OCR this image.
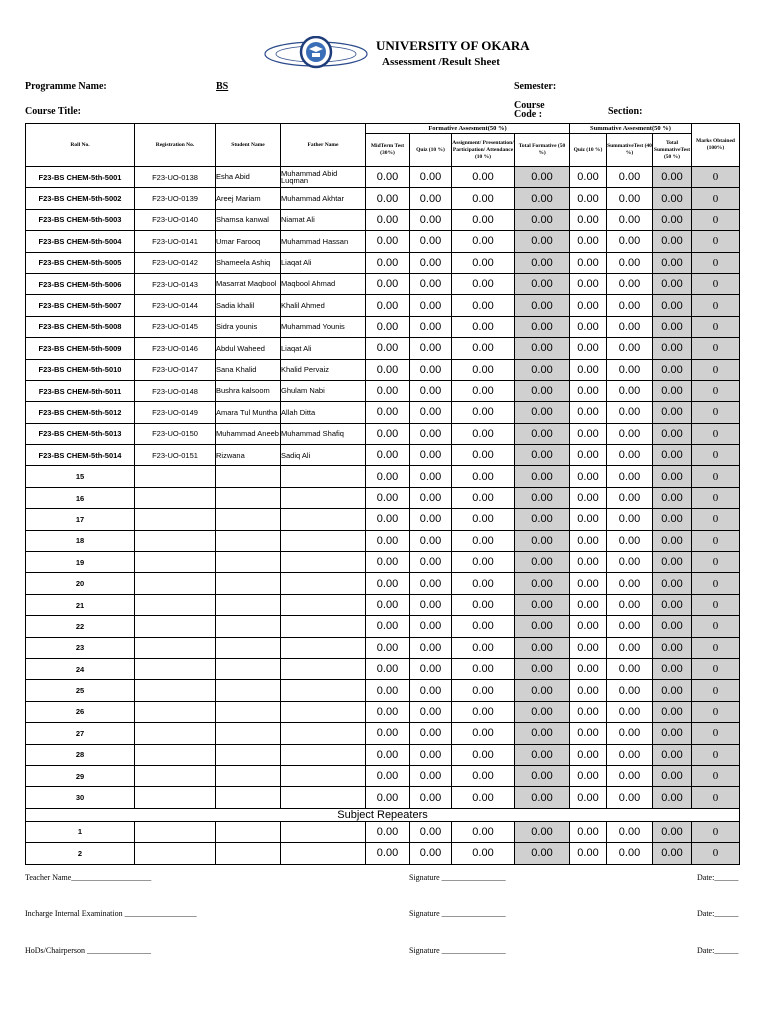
UNIVERSITY OF OKARA
Assessment /Result Sheet
Programme Name:	BS	Semester:
Course Title:
Course Code :	Section:
Roll No.	Registration No.	Student Name	Father Name	Formative Assesment(50 %)				Summative Assesment(50 %)			Marks Obtained (100%)
				MidTerm Test (30%)	Quiz (10 %)	Assignment/ Presentation/ Participation/ Attendance (10 %)	Total Formative (50 %)	Quiz (10 %)	SummativeTest (40 %)	Total SummativeTest (50 %)	
F23-BS CHEM-5th-5001	F23-UO-0138	Esha Abid	Muhammad Abid Luqman	0.00	0.00	0.00	0.00	0.00	0.00	0.00	0
F23-BS CHEM-5th-5002	F23-UO-0139	Areej Mariam	Muhammad Akhtar	0.00	0.00	0.00	0.00	0.00	0.00	0.00	0
F23-BS CHEM-5th-5003	F23-UO-0140	Shamsa kanwal	Niamat Ali	0.00	0.00	0.00	0.00	0.00	0.00	0.00	0
F23-BS CHEM-5th-5004	F23-UO-0141	Umar Farooq	Muhammad Hassan	0.00	0.00	0.00	0.00	0.00	0.00	0.00	0
F23-BS CHEM-5th-5005	F23-UO-0142	Shameela Ashiq	Liaqat Ali	0.00	0.00	0.00	0.00	0.00	0.00	0.00	0
F23-BS CHEM-5th-5006	F23-UO-0143	Masarrat Maqbool	Maqbool Ahmad	0.00	0.00	0.00	0.00	0.00	0.00	0.00	0
F23-BS CHEM-5th-5007	F23-UO-0144	Sadia khalil	Khalil Ahmed	0.00	0.00	0.00	0.00	0.00	0.00	0.00	0
F23-BS CHEM-5th-5008	F23-UO-0145	Sidra younis	Muhammad Younis	0.00	0.00	0.00	0.00	0.00	0.00	0.00	0
F23-BS CHEM-5th-5009	F23-UO-0146	Abdul Waheed	Liaqat Ali	0.00	0.00	0.00	0.00	0.00	0.00	0.00	0
F23-BS CHEM-5th-5010	F23-UO-0147	Sana Khalid	Khalid Pervaiz	0.00	0.00	0.00	0.00	0.00	0.00	0.00	0
F23-BS CHEM-5th-5011	F23-UO-0148	Bushra kalsoom	Ghulam Nabi	0.00	0.00	0.00	0.00	0.00	0.00	0.00	0
F23-BS CHEM-5th-5012	F23-UO-0149	Amara Tul Muntha	Allah Ditta	0.00	0.00	0.00	0.00	0.00	0.00	0.00	0
F23-BS CHEM-5th-5013	F23-UO-0150	Muhammad Aneeb	Muhammad Shafiq	0.00	0.00	0.00	0.00	0.00	0.00	0.00	0
F23-BS CHEM-5th-5014	F23-UO-0151	Rizwana	Sadiq Ali	0.00	0.00	0.00	0.00	0.00	0.00	0.00	0
15				0.00	0.00	0.00	0.00	0.00	0.00	0.00	0
16				0.00	0.00	0.00	0.00	0.00	0.00	0.00	0
17				0.00	0.00	0.00	0.00	0.00	0.00	0.00	0
18				0.00	0.00	0.00	0.00	0.00	0.00	0.00	0
19				0.00	0.00	0.00	0.00	0.00	0.00	0.00	0
20				0.00	0.00	0.00	0.00	0.00	0.00	0.00	0
21				0.00	0.00	0.00	0.00	0.00	0.00	0.00	0
22				0.00	0.00	0.00	0.00	0.00	0.00	0.00	0
23				0.00	0.00	0.00	0.00	0.00	0.00	0.00	0
24				0.00	0.00	0.00	0.00	0.00	0.00	0.00	0
25				0.00	0.00	0.00	0.00	0.00	0.00	0.00	0
26				0.00	0.00	0.00	0.00	0.00	0.00	0.00	0
27				0.00	0.00	0.00	0.00	0.00	0.00	0.00	0
28				0.00	0.00	0.00	0.00	0.00	0.00	0.00	0
29				0.00	0.00	0.00	0.00	0.00	0.00	0.00	0
30				0.00	0.00	0.00	0.00	0.00	0.00	0.00	0
Subject Repeaters											
1				0.00	0.00	0.00	0.00	0.00	0.00	0.00	0
2				0.00	0.00	0.00	0.00	0.00	0.00	0.00	0
Teacher Name____________________	Signature ________________	Date:______
Incharge Internal Examination __________________	Signature ________________	Date:______
HoDs/Chairperson ________________	Signature ________________	Date:______
